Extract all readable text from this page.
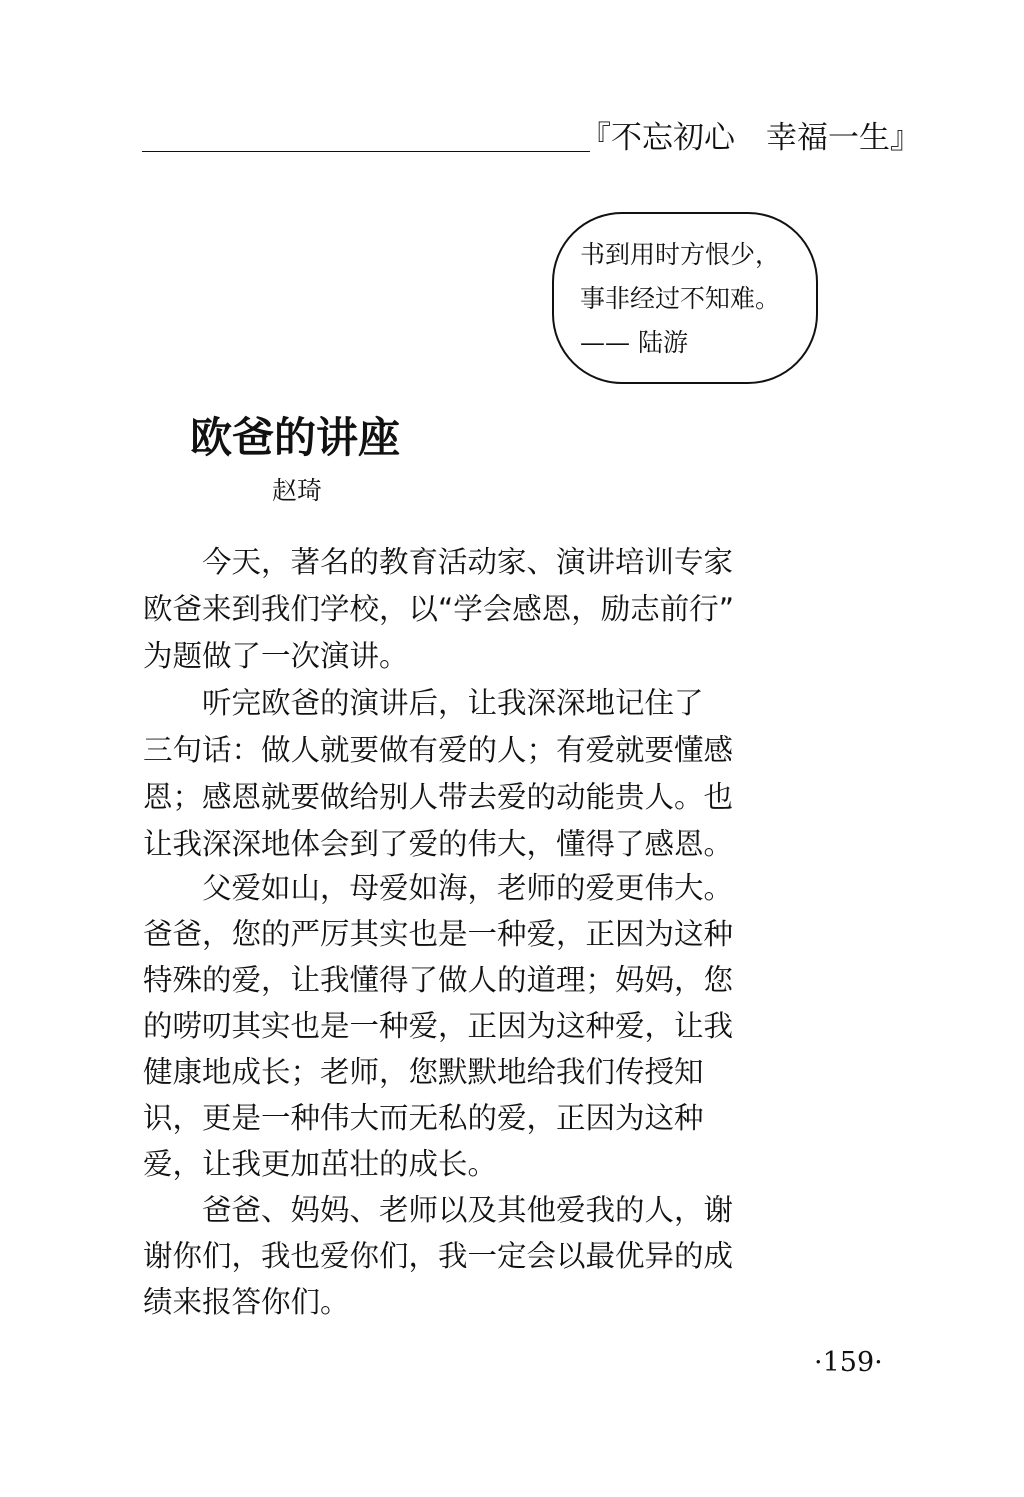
『不忘初心　幸福一生』
书到用时方恨少，
事非经过不知难。
—— 陆游
欧爸的讲座
赵琦
今天，著名的教育活动家、演讲培训专家
欧爸来到我们学校，以“学会感恩，励志前行”
为题做了一次演讲。
听完欧爸的演讲后，让我深深地记住了
三句话：做人就要做有爱的人；有爱就要懂感
恩；感恩就要做给别人带去爱的动能贵人。也
让我深深地体会到了爱的伟大，懂得了感恩。
父爱如山，母爱如海，老师的爱更伟大。
爸爸，您的严厉其实也是一种爱，正因为这种
特殊的爱，让我懂得了做人的道理；妈妈，您
的唠叨其实也是一种爱，正因为这种爱，让我
健康地成长；老师，您默默地给我们传授知
识，更是一种伟大而无私的爱，正因为这种
爱，让我更加茁壮的成长。
爸爸、妈妈、老师以及其他爱我的人，谢
谢你们，我也爱你们，我一定会以最优异的成
绩来报答你们。
·159·
